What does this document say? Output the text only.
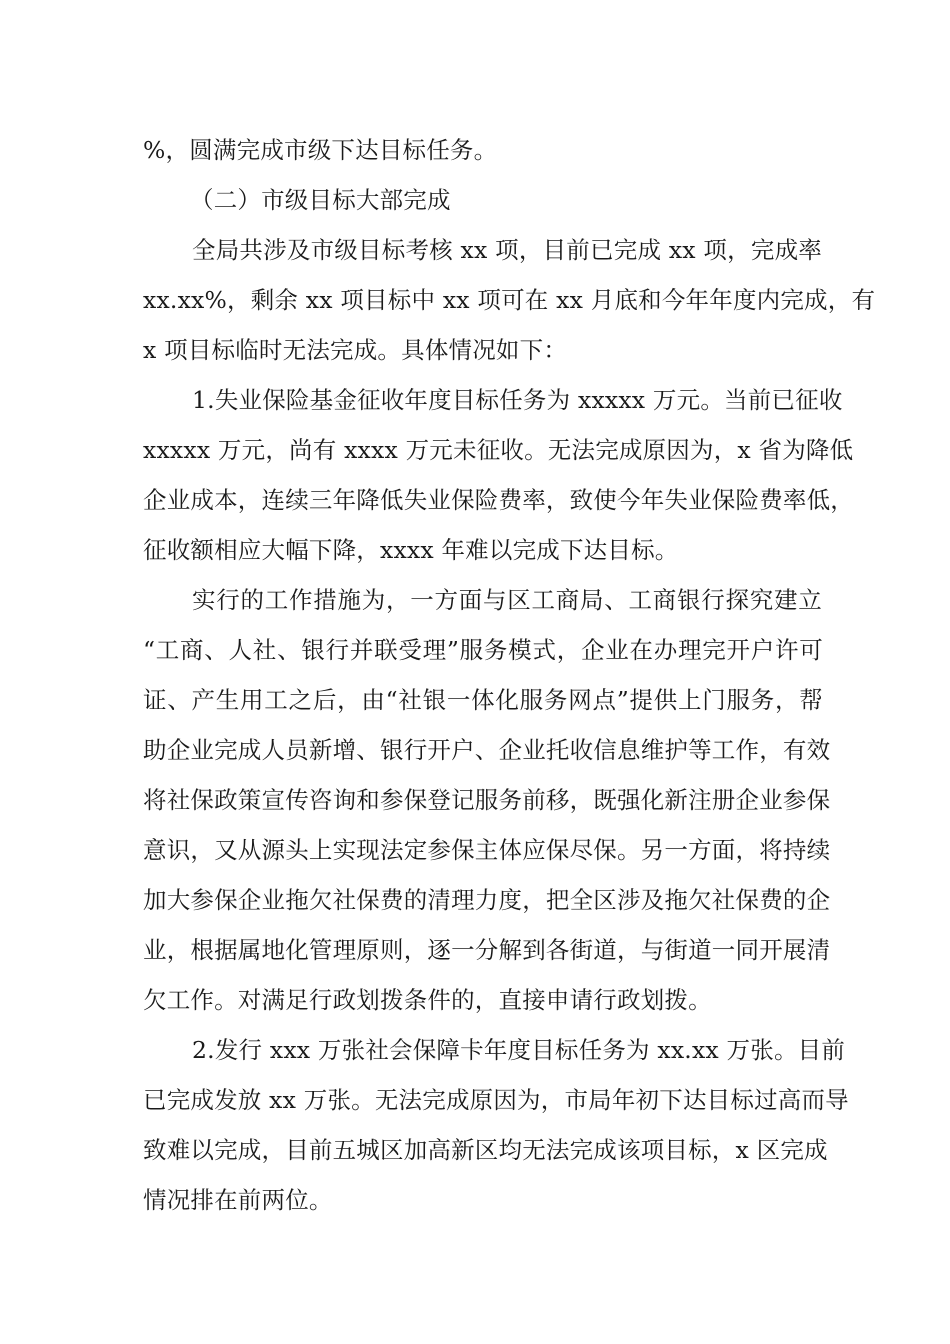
%，圆满完成市级下达目标任务。
（二）市级目标大部完成
全局共涉及市级目标考核 xx 项，目前已完成 xx 项，完成率
xx.xx%，剩余 xx 项目标中 xx 项可在 xx 月底和今年年度内完成，有
x 项目标临时无法完成。具体情况如下：
1.失业保险基金征收年度目标任务为 xxxxx 万元。当前已征收
xxxxx 万元，尚有 xxxx 万元未征收。无法完成原因为，x 省为降低
企业成本，连续三年降低失业保险费率，致使今年失业保险费率低，
征收额相应大幅下降，xxxx 年难以完成下达目标。
实行的工作措施为，一方面与区工商局、工商银行探究建立
“工商、人社、银行并联受理”服务模式，企业在办理完开户许可
证、产生用工之后，由“社银一体化服务网点”提供上门服务，帮
助企业完成人员新增、银行开户、企业托收信息维护等工作，有效
将社保政策宣传咨询和参保登记服务前移，既强化新注册企业参保
意识，又从源头上实现法定参保主体应保尽保。另一方面，将持续
加大参保企业拖欠社保费的清理力度，把全区涉及拖欠社保费的企
业，根据属地化管理原则，逐一分解到各街道，与街道一同开展清
欠工作。对满足行政划拨条件的，直接申请行政划拨。
2.发行 xxx 万张社会保障卡年度目标任务为 xx.xx 万张。目前
已完成发放 xx 万张。无法完成原因为，市局年初下达目标过高而导
致难以完成，目前五城区加高新区均无法完成该项目标，x 区完成
情况排在前两位。
